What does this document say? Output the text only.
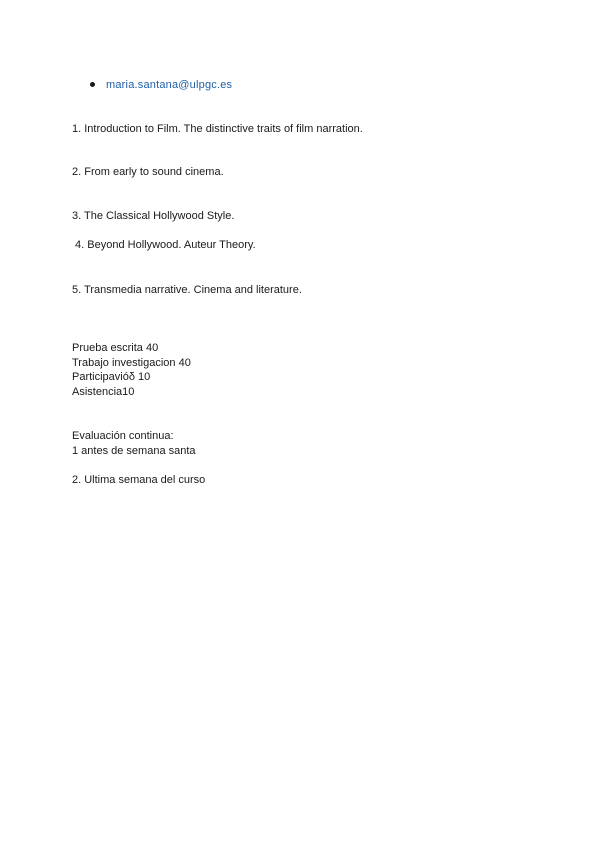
maria.santana@ulpgc.es
1. Introduction to Film. The distinctive traits of film narration.
2. From early to sound cinema.
3. The Classical Hollywood Style.
4. Beyond Hollywood. Auteur Theory.
5. Transmedia narrative. Cinema and literature.
Prueba escrita 40
Trabajo investigacion 40
Participavióδ 10
Asistencia10
Evaluación continua:
1 antes de semana santa
2. Ultima semana del curso
